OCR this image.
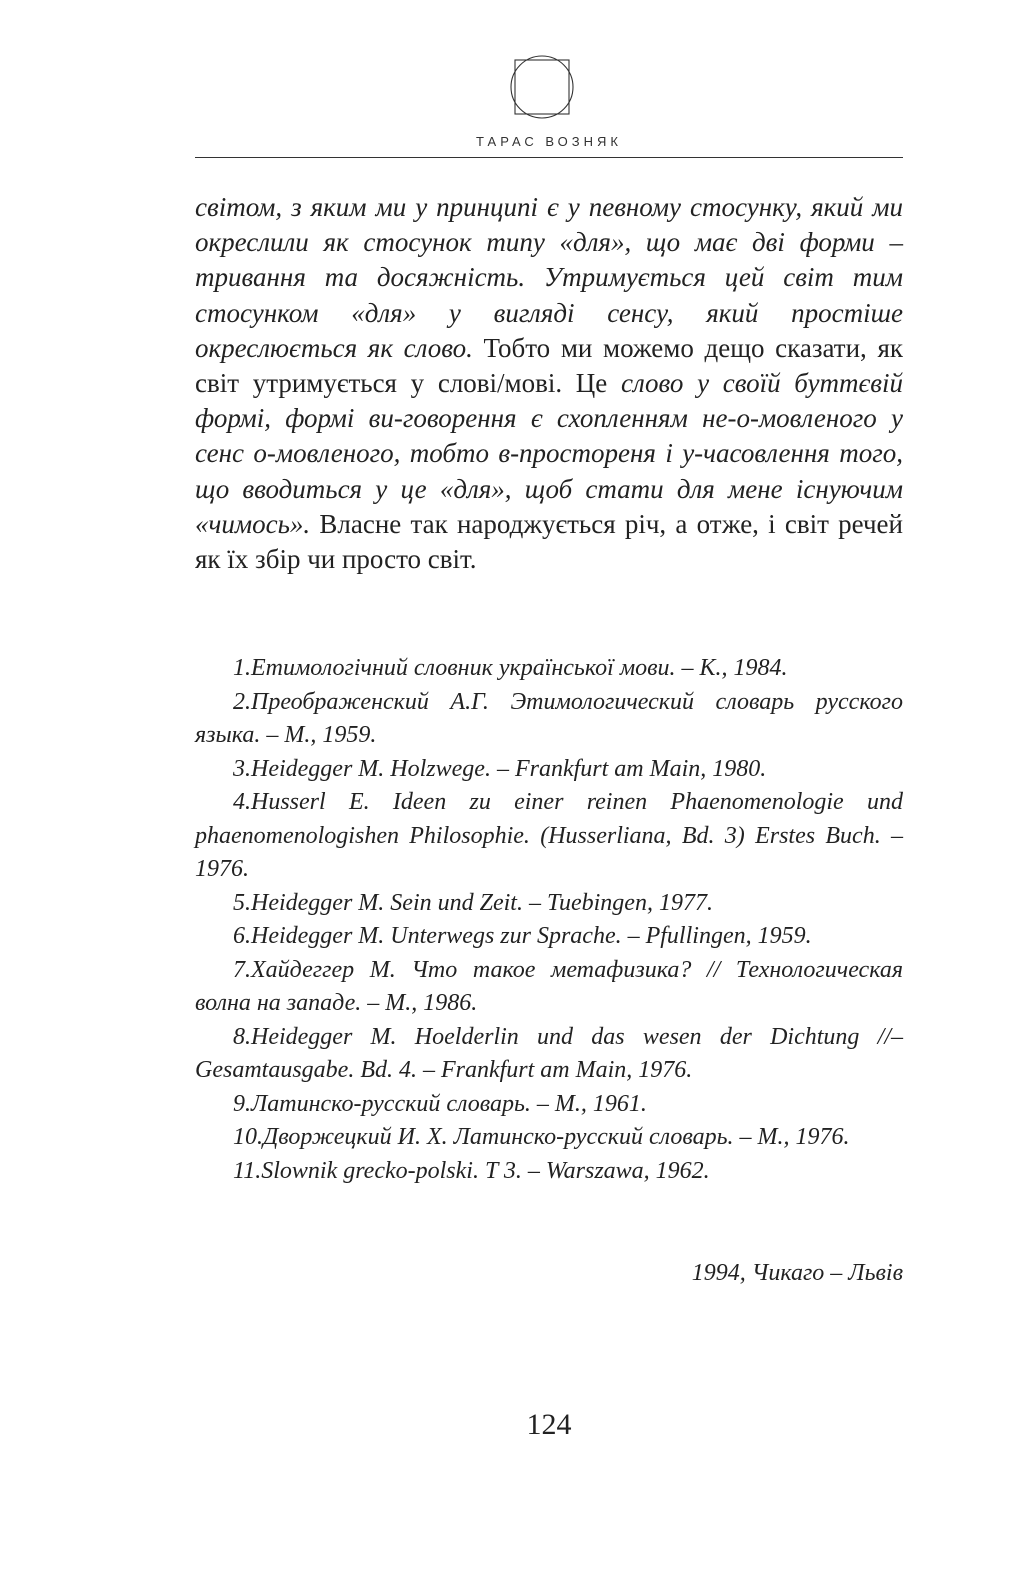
ТАРАС ВОЗНЯК

світом, з яким ми у принципі є у певному стосунку, який ми окреслили як стосунок типу «для», що має дві форми – тривання та досяжність. Утримується цей світ тим стосунком «для» у вигляді сенсу, який простіше окреслюється як слово. Тобто ми можемо дещо сказати, як світ утримується у слові/мові. Це слово у своїй буттєвій формі, формі ви-говорення є схопленням не-о-мовленого у сенс о-мовленого, тобто в-простореня і у-часовлення того, що вводиться у це «для», щоб стати для мене існуючим «чимось». Власне так народжується річ, а отже, і світ речей як їх збір чи просто світ.

1.Етимологічний словник української мови. – К., 1984.
2.Преображенский А.Г. Этимологический словарь русского языка. – М., 1959.
3.Heidegger M. Holzwege. – Frankfurt am Main, 1980.
4.Husserl E. Ideen zu einer reinen Phaenomenologie und phaenomenologishen Philosophie. (Husserliana, Bd. 3) Erstes Buch. – 1976.
5.Heidegger M. Sein und Zeit. – Tuebingen, 1977.
6.Heidegger M. Unterwegs zur Sprache. – Pfullingen, 1959.
7.Хайдеггер М. Что такое метафизика? // Технологическая волна на западе. – М., 1986.
8.Heidegger M. Hoelderlin und das wesen der Dichtung //– Gesamtausgabe. Bd. 4. – Frankfurt am Main, 1976.
9.Латинско-русский словарь. – М., 1961.
10.Дворжецкий И. Х. Латинско-русский словарь. – М., 1976.
11.Slownik grecko-polski. T 3. – Warszawa, 1962.
1994, Чикаго – Львів
124
